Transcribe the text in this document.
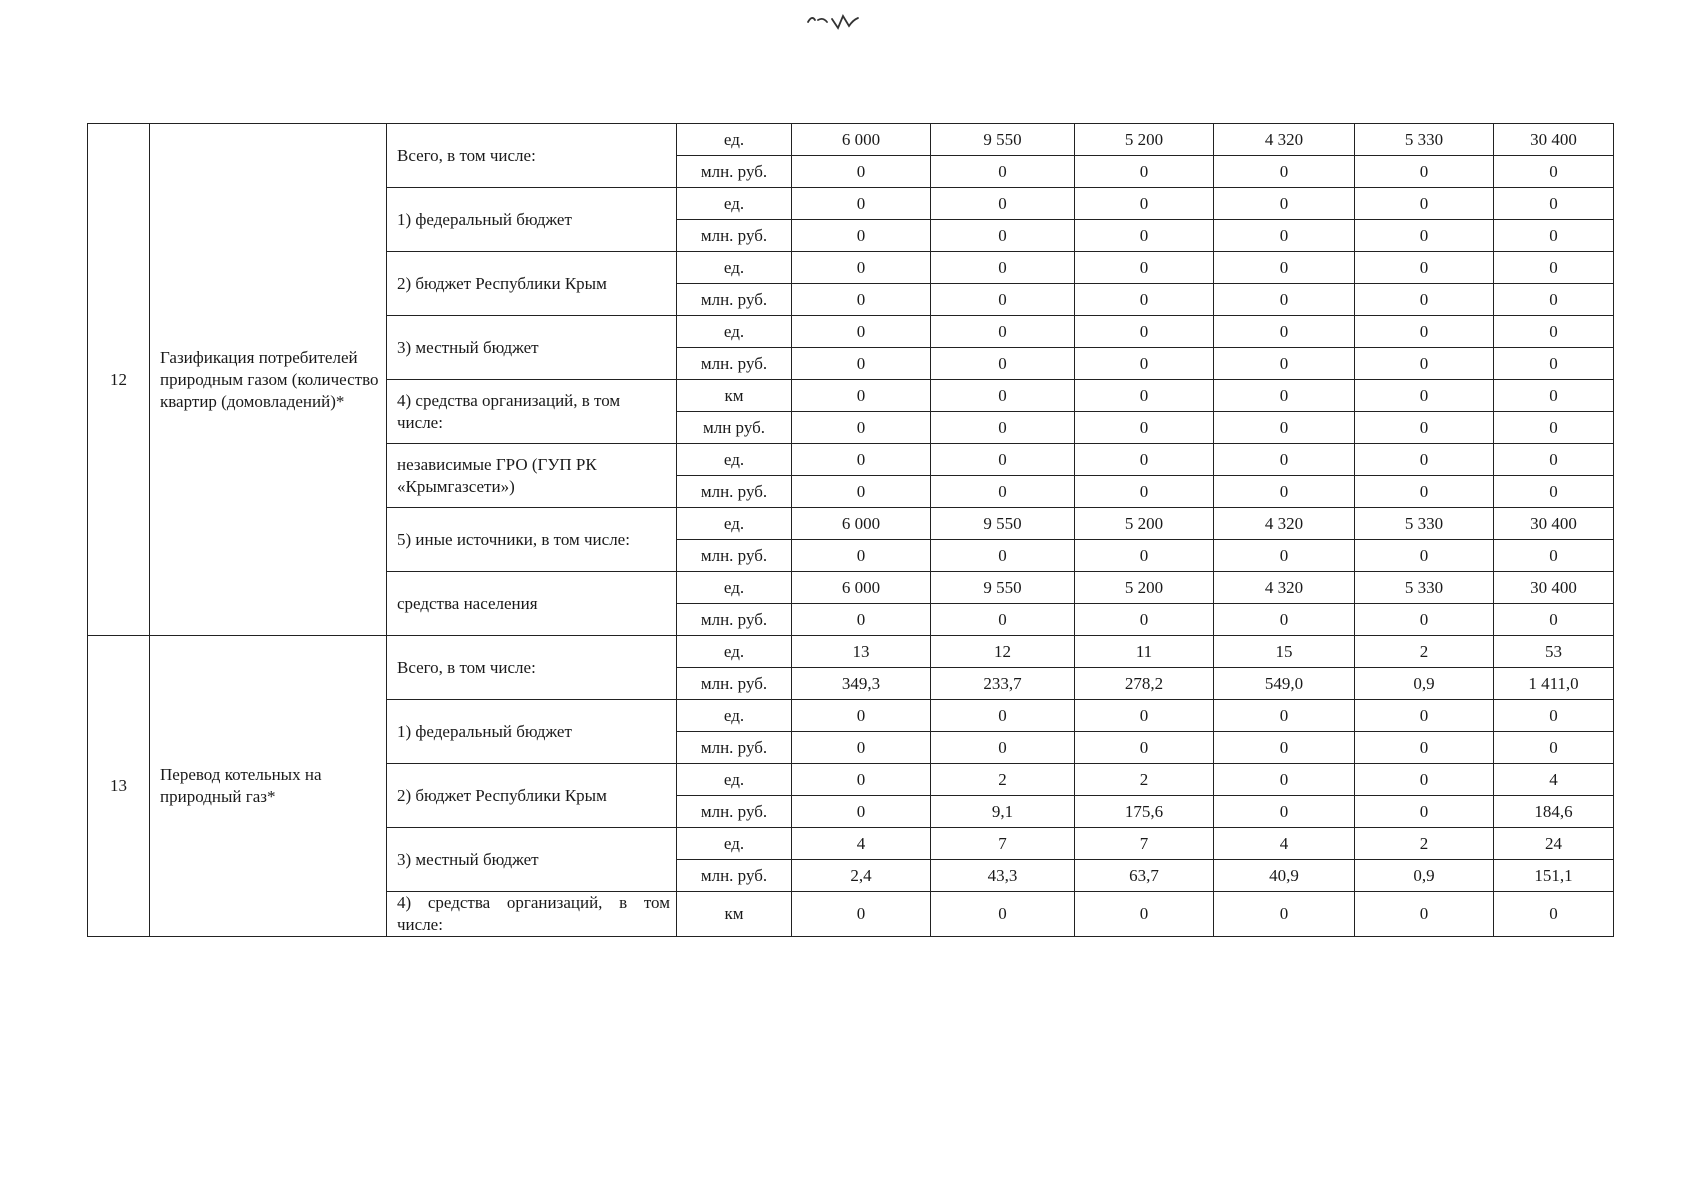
12	Газификация потребителей природным газом (количество квартир (домовладений)*	Всего, в том числе:	ед.	6 000	9 550	5 200	4 320	5 330	30 400
			млн. руб.	0	0	0	0	0	0
		1) федеральный бюджет	ед.	0	0	0	0	0	0
			млн. руб.	0	0	0	0	0	0
		2) бюджет Республики Крым	ед.	0	0	0	0	0	0
			млн. руб.	0	0	0	0	0	0
		3) местный бюджет	ед.	0	0	0	0	0	0
			млн. руб.	0	0	0	0	0	0
		4) средства организаций, в том числе:	км	0	0	0	0	0	0
			млн руб.	0	0	0	0	0	0
		независимые ГРО (ГУП РК «Крымгазсети»)	ед.	0	0	0	0	0	0
			млн. руб.	0	0	0	0	0	0
		5) иные источники, в том числе:	ед.	6 000	9 550	5 200	4 320	5 330	30 400
			млн. руб.	0	0	0	0	0	0
		средства населения	ед.	6 000	9 550	5 200	4 320	5 330	30 400
			млн. руб.	0	0	0	0	0	0
13	Перевод котельных на природный газ*	Всего, в том числе:	ед.	13	12	11	15	2	53
			млн. руб.	349,3	233,7	278,2	549,0	0,9	1 411,0
		1) федеральный бюджет	ед.	0	0	0	0	0	0
			млн. руб.	0	0	0	0	0	0
		2) бюджет Республики Крым	ед.	0	2	2	0	0	4
			млн. руб.	0	9,1	175,6	0	0	184,6
		3) местный бюджет	ед.	4	7	7	4	2	24
			млн. руб.	2,4	43,3	63,7	40,9	0,9	151,1
		4) средства организаций, в том числе:	км	0	0	0	0	0	0
